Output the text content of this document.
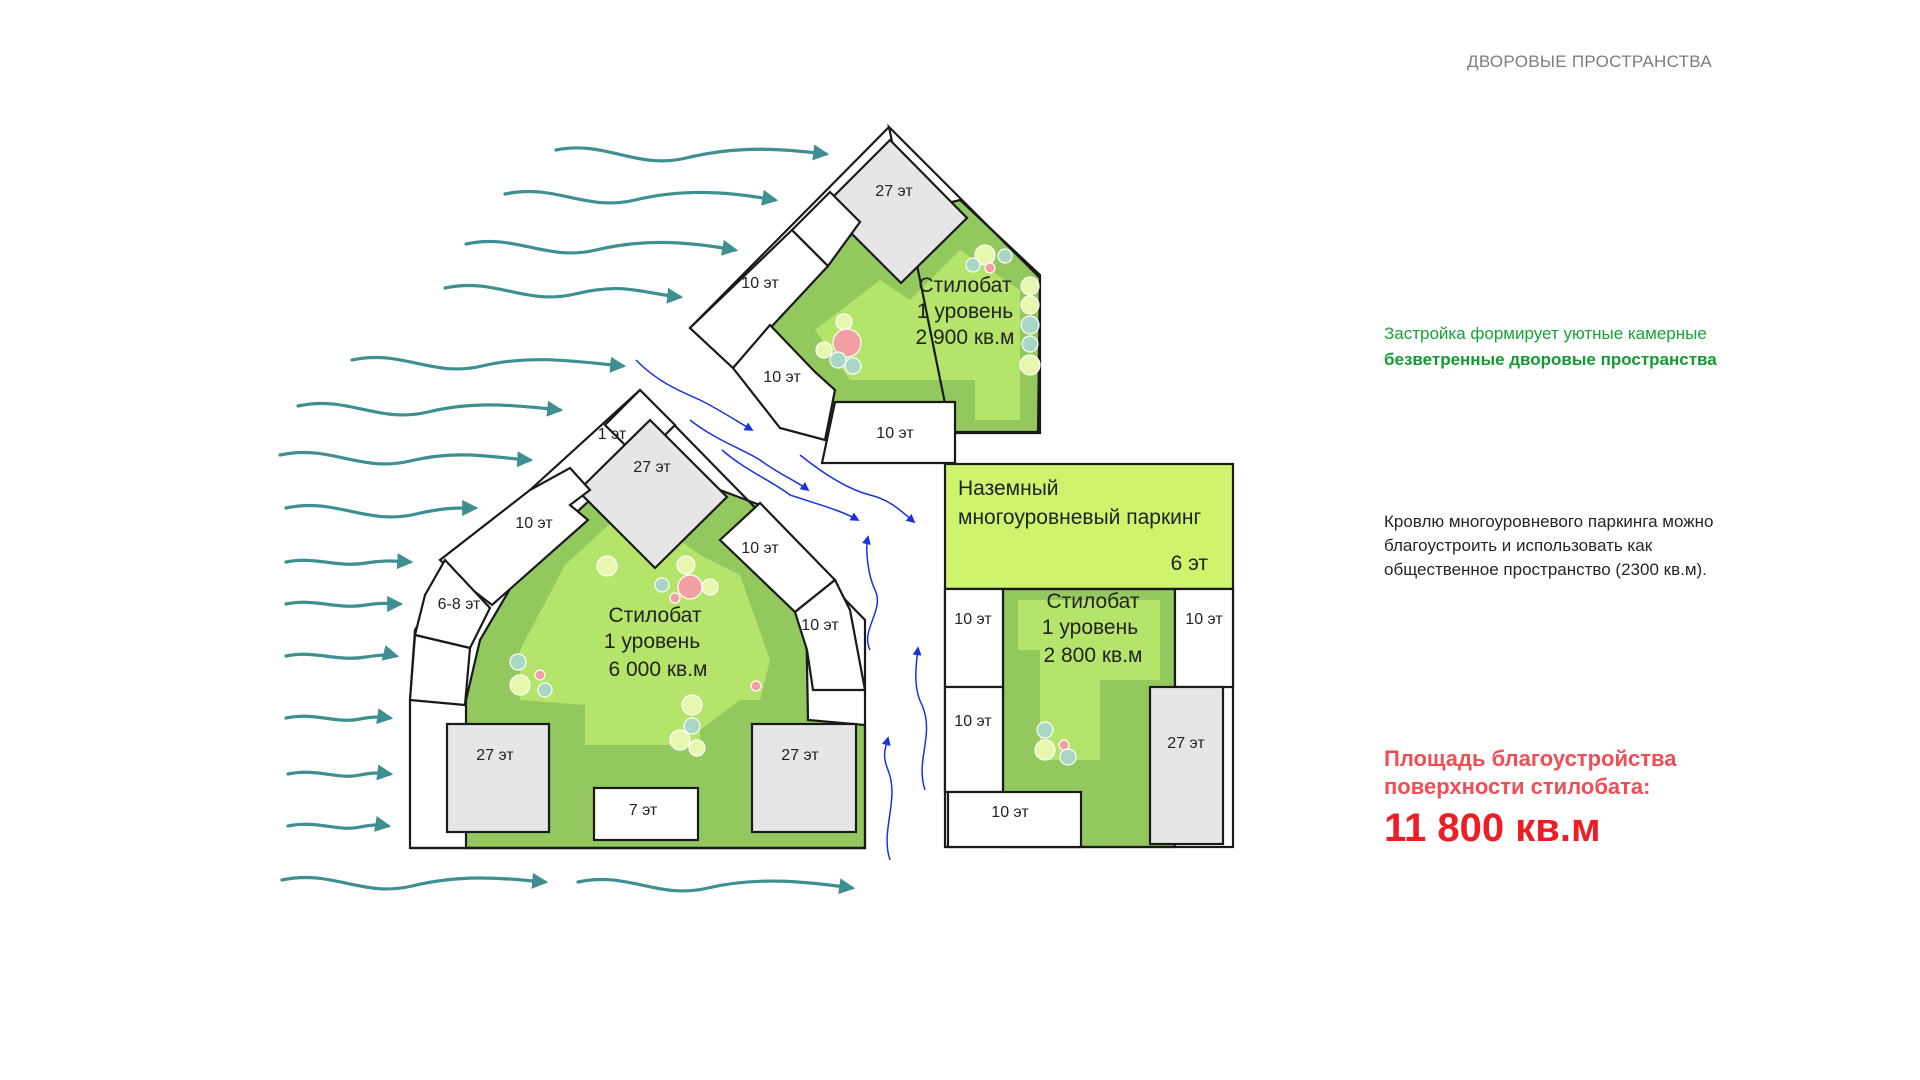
ДВОРОВЫЕ ПРОСТРАНСТВА
Застройка формирует уютные камерные
безветренные дворовые пространства
Кровлю многоуровневого паркинга можно
благоустроить и использовать как
общественное пространство (2300 кв.м).
Площадь благоустройства
поверхности стилобата:
11 800 кв.м
27 эт
10 эт
10 эт
10 эт
Стилобат
1 уровень
2 900 кв.м
1 эт
27 эт
10 эт
6-8 эт
10 эт
10 эт
27 эт	27 эт
7 эт
Стилобат
1 уровень
6 000 кв.м
Наземный
многоуровневый паркинг
6 эт
10 эт	10 эт
10 эт
27 эт
10 эт
Стилобат
1 уровень
2 800 кв.м
